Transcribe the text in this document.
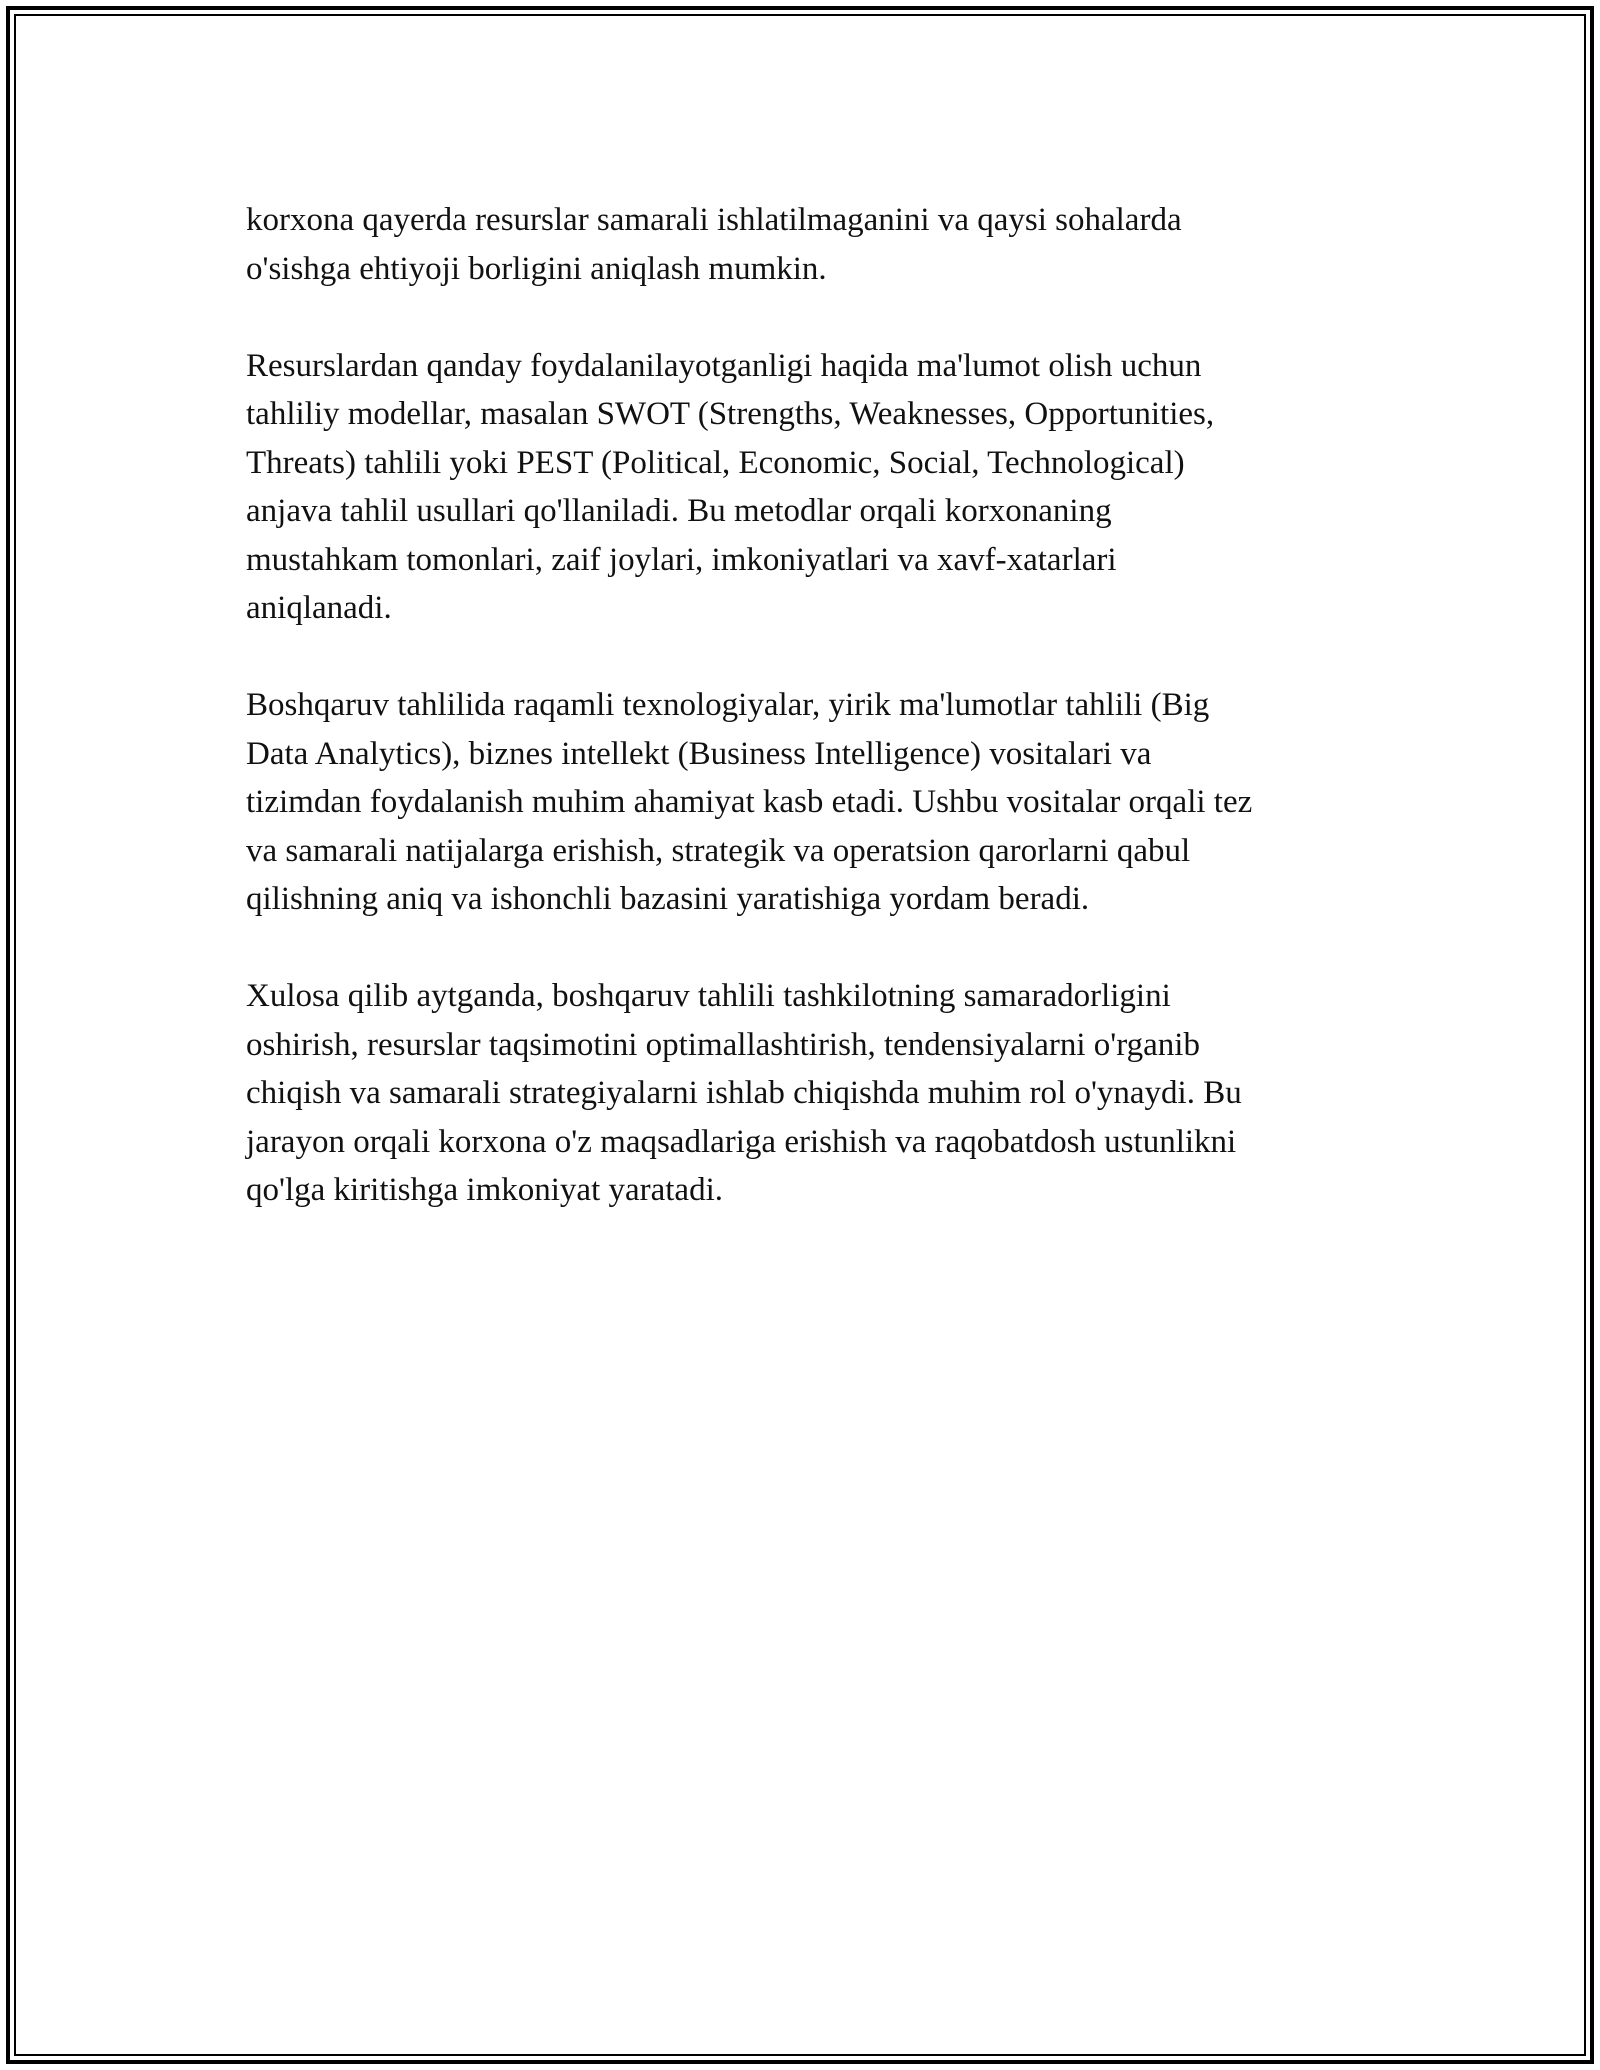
korxona qayerda resurslar samarali ishlatilmaganini va qaysi sohalarda
o'sishga ehtiyoji borligini aniqlash mumkin.

Resurslardan qanday foydalanilayotganligi haqida ma'lumot olish uchun
tahliliy modellar, masalan SWOT (Strengths, Weaknesses, Opportunities,
Threats) tahlili yoki PEST (Political, Economic, Social, Technological)
anjava tahlil usullari qo'llaniladi. Bu metodlar orqali korxonaning
mustahkam tomonlari, zaif joylari, imkoniyatlari va xavf-xatarlari
aniqlanadi.

Boshqaruv tahlilida raqamli texnologiyalar, yirik ma'lumotlar tahlili (Big
Data Analytics), biznes intellekt (Business Intelligence) vositalari va
tizimdan foydalanish muhim ahamiyat kasb etadi. Ushbu vositalar orqali tez
va samarali natijalarga erishish, strategik va operatsion qarorlarni qabul
qilishning aniq va ishonchli bazasini yaratishiga yordam beradi.

Xulosa qilib aytganda, boshqaruv tahlili tashkilotning samaradorligini
oshirish, resurslar taqsimotini optimallashtirish, tendensiyalarni o'rganib
chiqish va samarali strategiyalarni ishlab chiqishda muhim rol o'ynaydi. Bu
jarayon orqali korxona o'z maqsadlariga erishish va raqobatdosh ustunlikni
qo'lga kiritishga imkoniyat yaratadi.
